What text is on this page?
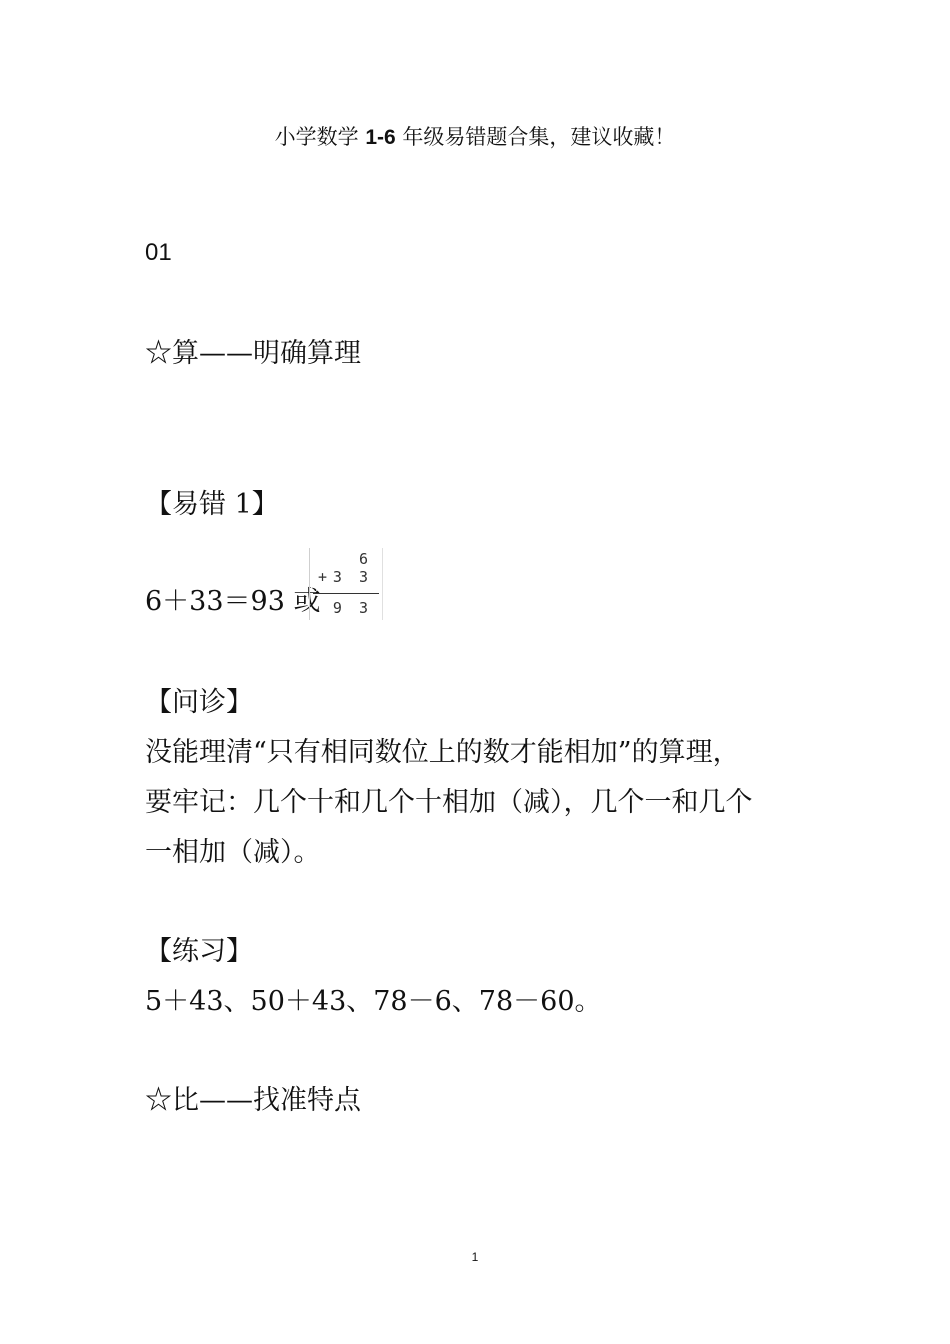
小学数学 1-6 年级易错题合集，建议收藏！
01
☆算——明确算理
【易错 1】
6＋33＝93 或
6
+ 3 3
9 3
【问诊】
没能理清“只有相同数位上的数才能相加”的算理，
要牢记：几个十和几个十相加（减），几个一和几个
一相加（减）。
【练习】
5＋43、50＋43、78－6、78－60。
☆比——找准特点
1
